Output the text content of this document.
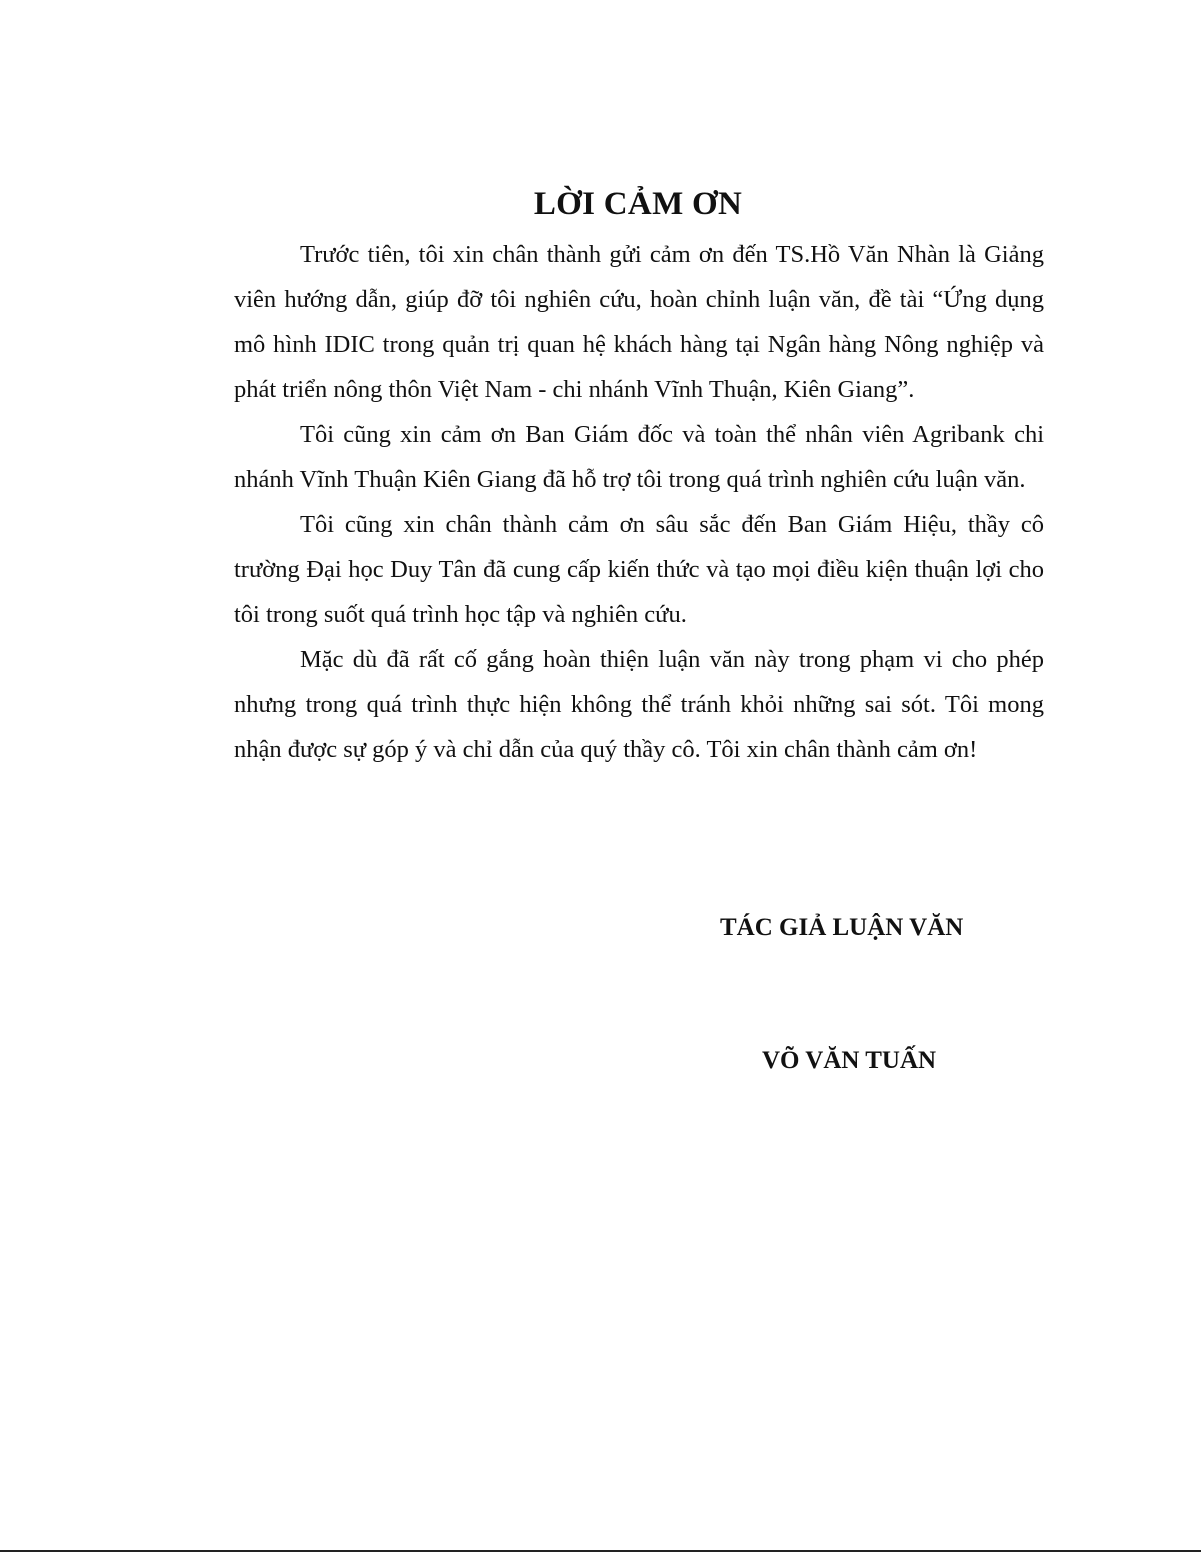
LỜI CẢM ƠN

Trước tiên, tôi xin chân thành gửi cảm ơn đến TS.Hồ Văn Nhàn là Giảng viên hướng dẫn, giúp đỡ tôi nghiên cứu, hoàn chỉnh luận văn, đề tài “Ứng dụng mô hình IDIC trong quản trị quan hệ khách hàng tại Ngân hàng Nông nghiệp và phát triển nông thôn Việt Nam - chi nhánh Vĩnh Thuận, Kiên Giang”.

Tôi cũng xin cảm ơn Ban Giám đốc và toàn thể nhân viên Agribank chi nhánh Vĩnh Thuận Kiên Giang đã hỗ trợ tôi trong quá trình nghiên cứu luận văn.

Tôi cũng xin chân thành cảm ơn sâu sắc đến Ban Giám Hiệu, thầy cô trường Đại học Duy Tân đã cung cấp kiến thức và tạo mọi điều kiện thuận lợi cho tôi trong suốt quá trình học tập và nghiên cứu.

Mặc dù đã rất cố gắng hoàn thiện luận văn này trong phạm vi cho phép nhưng trong quá trình thực hiện không thể tránh khỏi những sai sót. Tôi mong nhận được sự góp ý và chỉ dẫn của quý thầy cô. Tôi xin chân thành cảm ơn!

TÁC GIẢ LUẬN VĂN
VÕ VĂN TUẤN
